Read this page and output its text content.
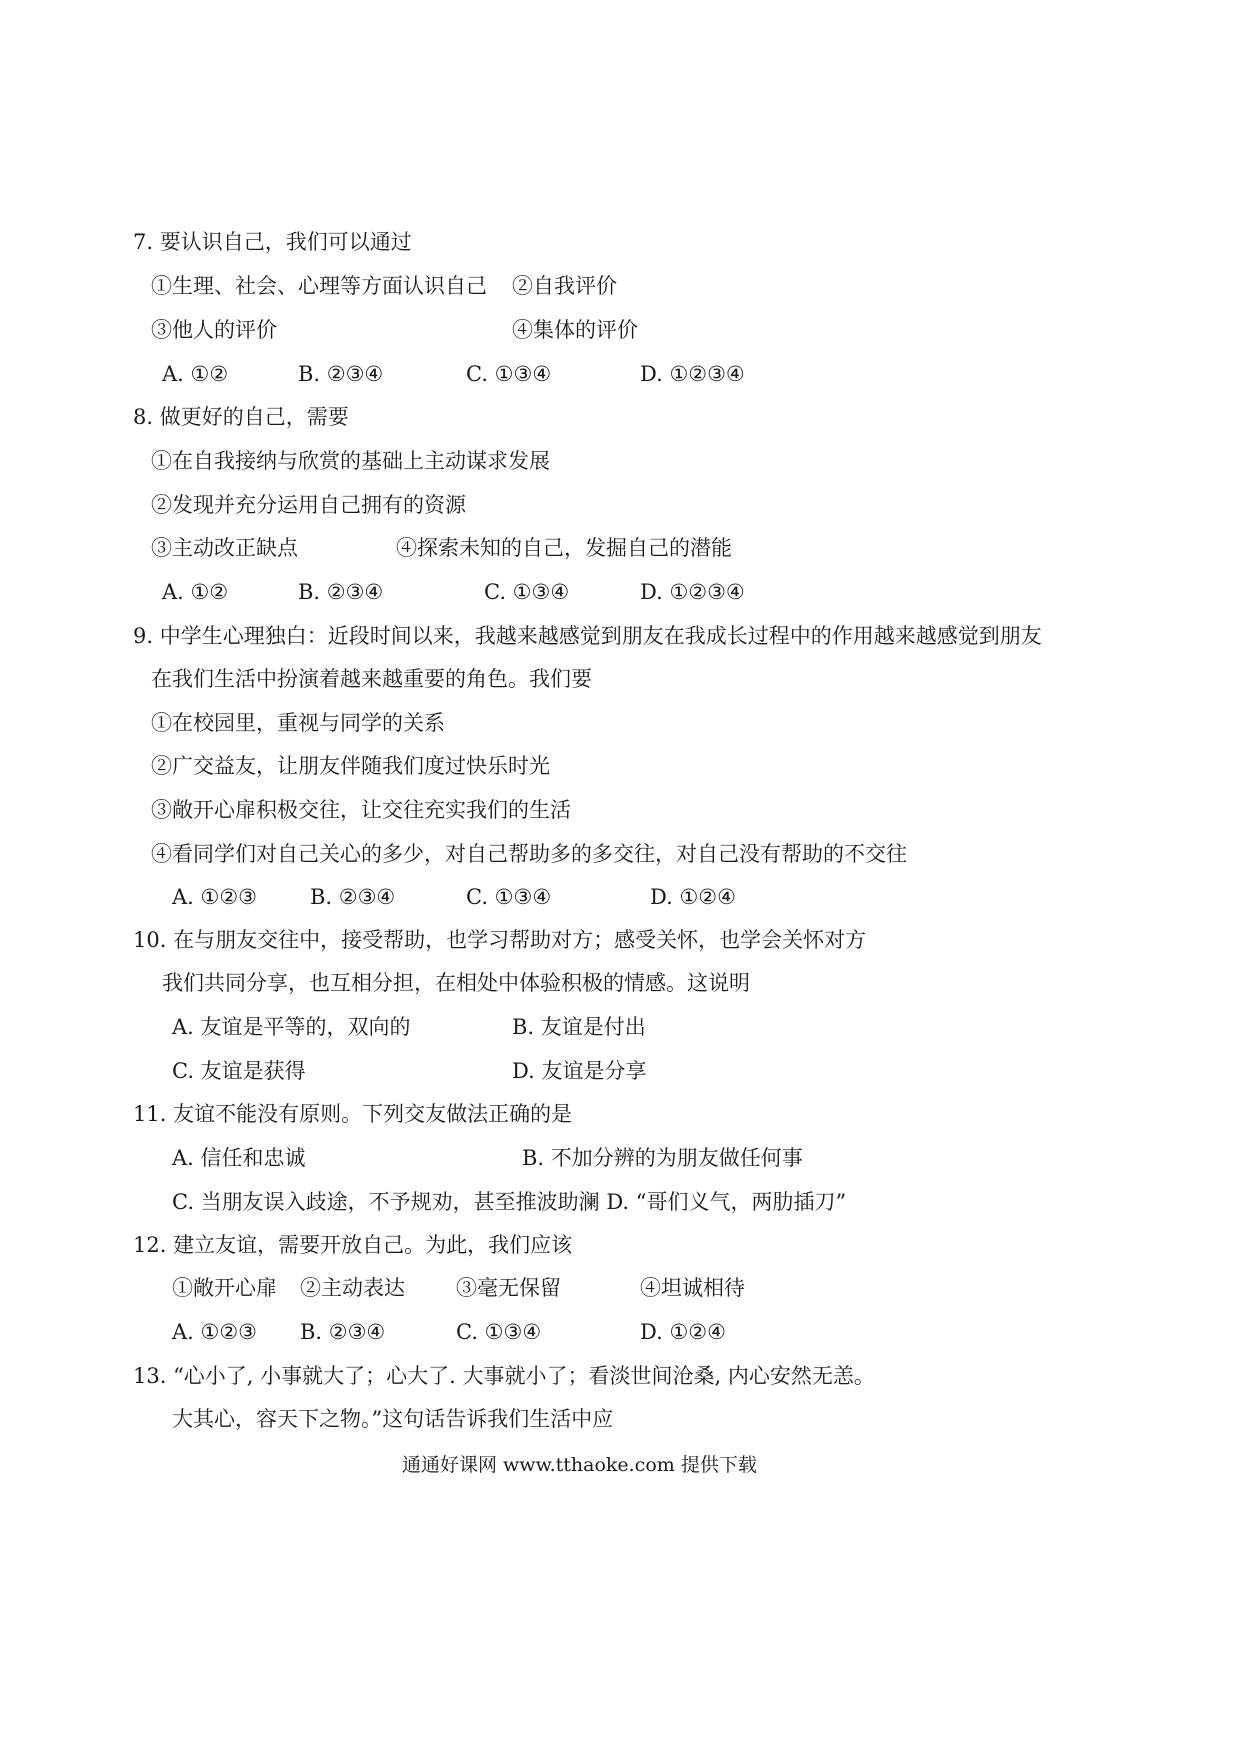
7. 要认识自己，我们可以通过
①生理、社会、心理等方面认识自己 ②自我评价
③他人的评价	④集体的评价
A. ①②	B. ②③④	C. ①③④	D. ①②③④
8. 做更好的自己，需要
①在自我接纳与欣赏的基础上主动谋求发展
②发现并充分运用自己拥有的资源
③主动改正缺点	④探索未知的自己，发掘自己的潜能
A. ①②	B. ②③④	C. ①③④	D. ①②③④
9. 中学生心理独白：近段时间以来，我越来越感觉到朋友在我成长过程中的作用越来越感觉到朋友
在我们生活中扮演着越来越重要的角色。我们要
①在校园里，重视与同学的关系
②广交益友，让朋友伴随我们度过快乐时光
③敞开心扉积极交往，让交往充实我们的生活
④看同学们对自己关心的多少，对自己帮助多的多交往，对自己没有帮助的不交往
A. ①②③	B. ②③④	C. ①③④	D. ①②④
10. 在与朋友交往中，接受帮助，也学习帮助对方；感受关怀，也学会关怀对方
我们共同分享，也互相分担，在相处中体验积极的情感。这说明
A. 友谊是平等的，双向的	B. 友谊是付出
C. 友谊是获得	D. 友谊是分享
11. 友谊不能没有原则。下列交友做法正确的是
A. 信任和忠诚	B. 不加分辨的为朋友做任何事
C. 当朋友误入歧途，不予规劝，甚至推波助澜 D. “哥们义气，两肋插刀”
12. 建立友谊，需要开放自己。为此，我们应该
①敞开心扉 ②主动表达 ③毫无保留	④坦诚相待
A. ①②③ B. ②③④	C. ①③④	D. ①②④
13. “心小了, 小事就大了；心大了. 大事就小了；看淡世间沧桑, 内心安然无恙。
大其心，容天下之物。”这句话告诉我们生活中应
通通好课网 www.tthaoke.com 提供下载
